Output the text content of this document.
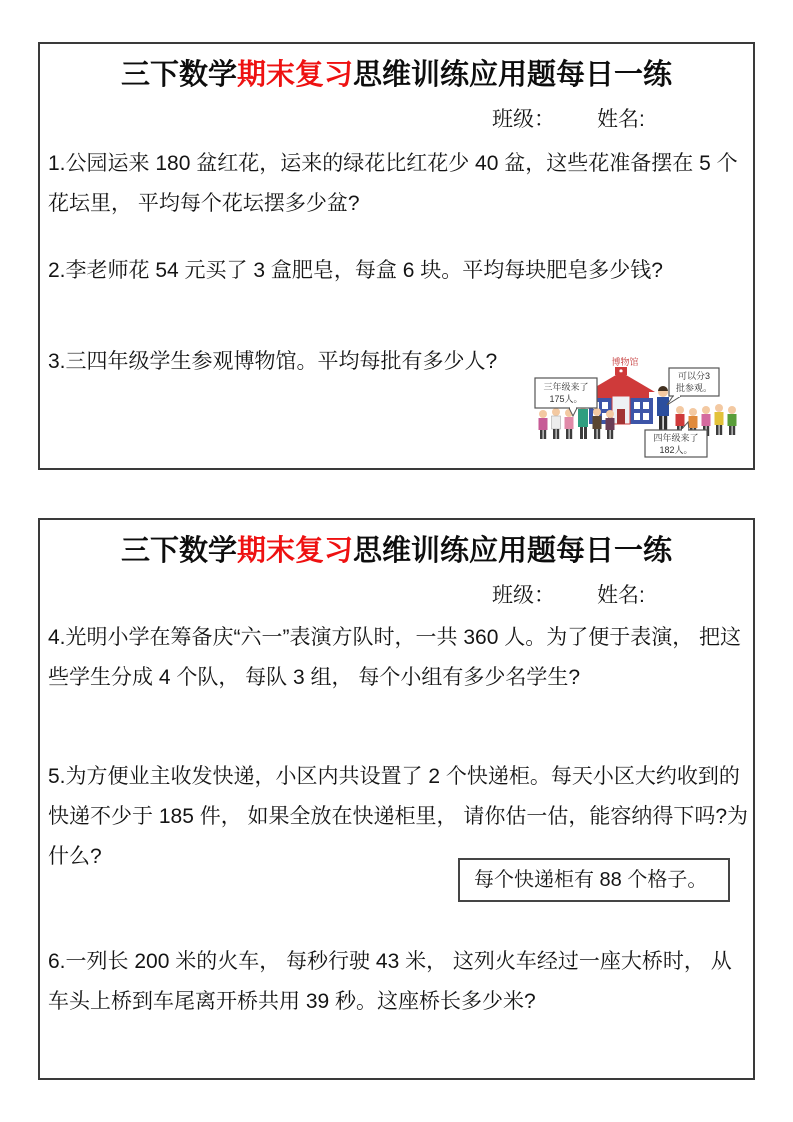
三下数学期末复习思维训练应用题每日一练
班级： 姓名:

1.公园运来 180 盆红花，运来的绿花比红花少 40 盆，这些花准备摆在 5 个花坛里， 平均每个花坛摆多少盆?

2.李老师花 54 元买了 3 盒肥皂，每盒 6 块。平均每块肥皂多少钱?

3.三四年级学生参观博物馆。平均每批有多少人?	博物馆
三年级来了
175人。
可以分3
批参观。
四年级来了
182人。
三下数学期末复习思维训练应用题每日一练
班级： 姓名:

4.光明小学在筹备庆“六一”表演方队时，一共 360 人。为了便于表演， 把这些学生分成 4 个队， 每队 3 组， 每个小组有多少名学生?

5.为方便业主收发快递，小区内共设置了 2 个快递柜。每天小区大约收到的快递不少于 185 件， 如果全放在快递柜里， 请你估一估，能容纳得下吗?为什么?

每个快递柜有 88 个格子。

6.一列长 200 米的火车， 每秒行驶 43 米， 这列火车经过一座大桥时， 从车头上桥到车尾离开桥共用 39 秒。这座桥长多少米?
